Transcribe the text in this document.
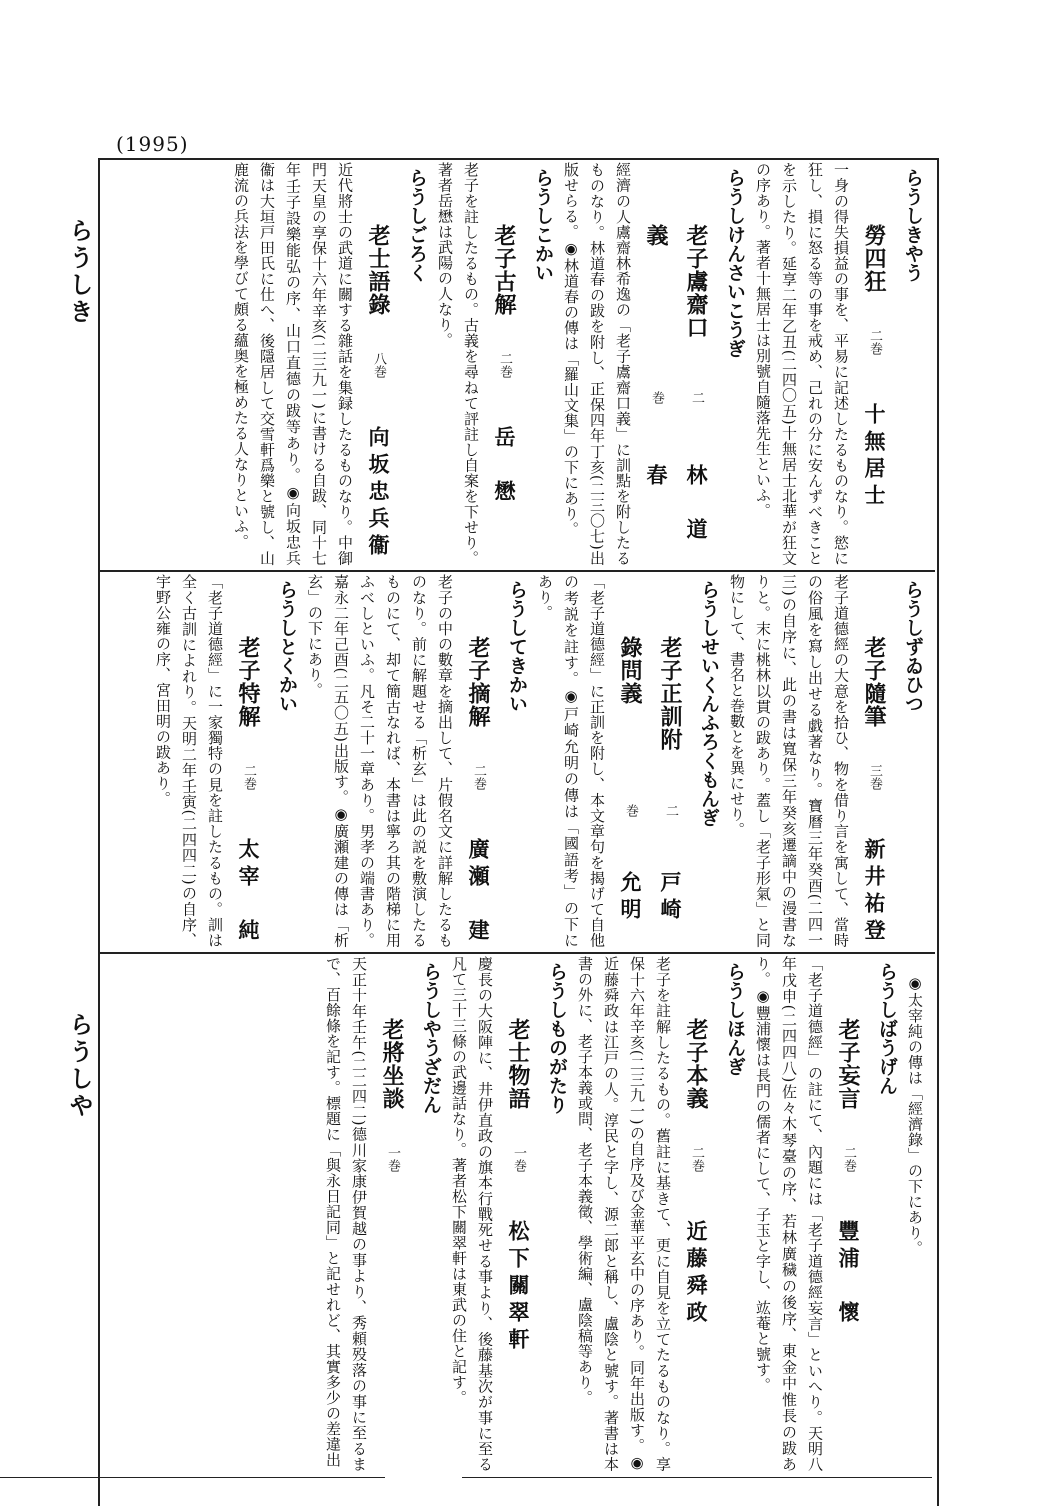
(1995)
らうしき
らうしや
らうしきやう
勞四狂
二巻
十無居士
一身の得失損益の事を、平易に記述したるものなり。慾に狂し、損に怒る等の事を戒め、己れの分に安んずべきことを示したり。延享二年乙丑(二四〇五)十無居士北華が狂文の序あり。著者十無居士は別號自隨落先生といふ。
らうしけんさいこうぎ
老子鬳齋口義
二巻
林　道春
經濟の人鬳齋林希逸の「老子鬳齋口義」に訓點を附したるものなり。林道春の跋を附し、正保四年丁亥(二三〇七)出版せらる。◉林道春の傳は「羅山文集」の下にあり。
らうしこかい
老子古解
二巻
岳　懋
老子を註したるもの。古義を尋ねて評註し自案を下せり。著者岳懋は武陽の人なり。
らうしごろく
老士語錄
八巻
向坂忠兵衞
近代將士の武道に關する雜話を集録したるものなり。中御門天皇の享保十六年辛亥(二三九一)に書ける自跋、同十七年壬子設樂能弘の序、山口直德の跋等あり。◉向坂忠兵衞は大垣戸田氏に仕へ、後隱居して交雪軒爲樂と號し、山鹿流の兵法を學びて頗る蘊奥を極めたる人なりといふ。
らうしずゐひつ
老子隨筆
三巻
新井祐登
老子道德經の大意を拾ひ、物を借り言を寓して、當時の俗風を寫し出せる戯著なり。寶曆三年癸酉(二四一三)の自序に、此の書は寬保三年癸亥遷謫中の漫書なりと。末に桃林以貫の跋あり。蓋し「老子形氣」と同物にして、書名と巻數とを異にせり。
らうしせいくんふろくもんぎ
老子正訓附錄問義
二巻
戸崎允明
「老子道德經」に正訓を附し、本文章句を揭げて自他の考説を註す。◉戸崎允明の傳は「國語考」の下にあり。
らうしてきかい
老子摘解
二巻
廣瀬　建
老子の中の數章を摘出して、片假名文に詳解したるものなり。前に解題せる「析玄」は此の説を敷演したるものにて、却て簡古なれば、本書は寧ろ其の階梯に用ふべしといふ。凡そ二十一章あり。男孝の端書あり。嘉永二年己酉(二五〇五)出版す。◉廣瀬建の傳は「析玄」の下にあり。
らうしとくかい
老子特解
二巻
太宰　純
「老子道德經」に一家獨特の見を註したるもの。訓は全く古訓によれり。天明二年壬寅(二四四二)の自序、宇野公雍の序、宮田明の跋あり。
◉太宰純の傳は「經濟錄」の下にあり。
らうしばうげん
老子妄言
二巻
豐浦　懷
「老子道德經」の註にて、內題には「老子道德經妄言」といへり。天明八年戊申(二四四八)佐々木琴臺の序、若林廣穢の後序、東金中惟長の跋あり。◉豐浦懷は長門の儒者にして、子玉と字し、竑菴と號す。
らうしほんぎ
老子本義
二巻
近藤舜政
老子を註解したるもの。舊註に基きて、更に自見を立てたるものなり。享保十六年辛亥(二三九一)の自序及び金華平玄中の序あり。同年出版す。◉近藤舜政は江戸の人。淳民と字し、源二郎と稱し、盧陰と號す。著書は本書の外に、老子本義或問、老子本義徵、學術編、盧陰稿等あり。
らうしものがたり
老士物語
一巻
松下關翠軒
慶長の大阪陣に、井伊直政の旗本行戰死せる事より、後藤基次が事に至る凡て三十三條の武邊話なり。著者松下關翠軒は東武の住と記す。
らうしやうざだん
老將坐談
一巻
天正十年壬午(二二四二)德川家康伊賀越の事より、秀頼殁落の事に至るまで、百餘條を記す。標題に「與永日記同」と記せれど、其實多少の差違出
